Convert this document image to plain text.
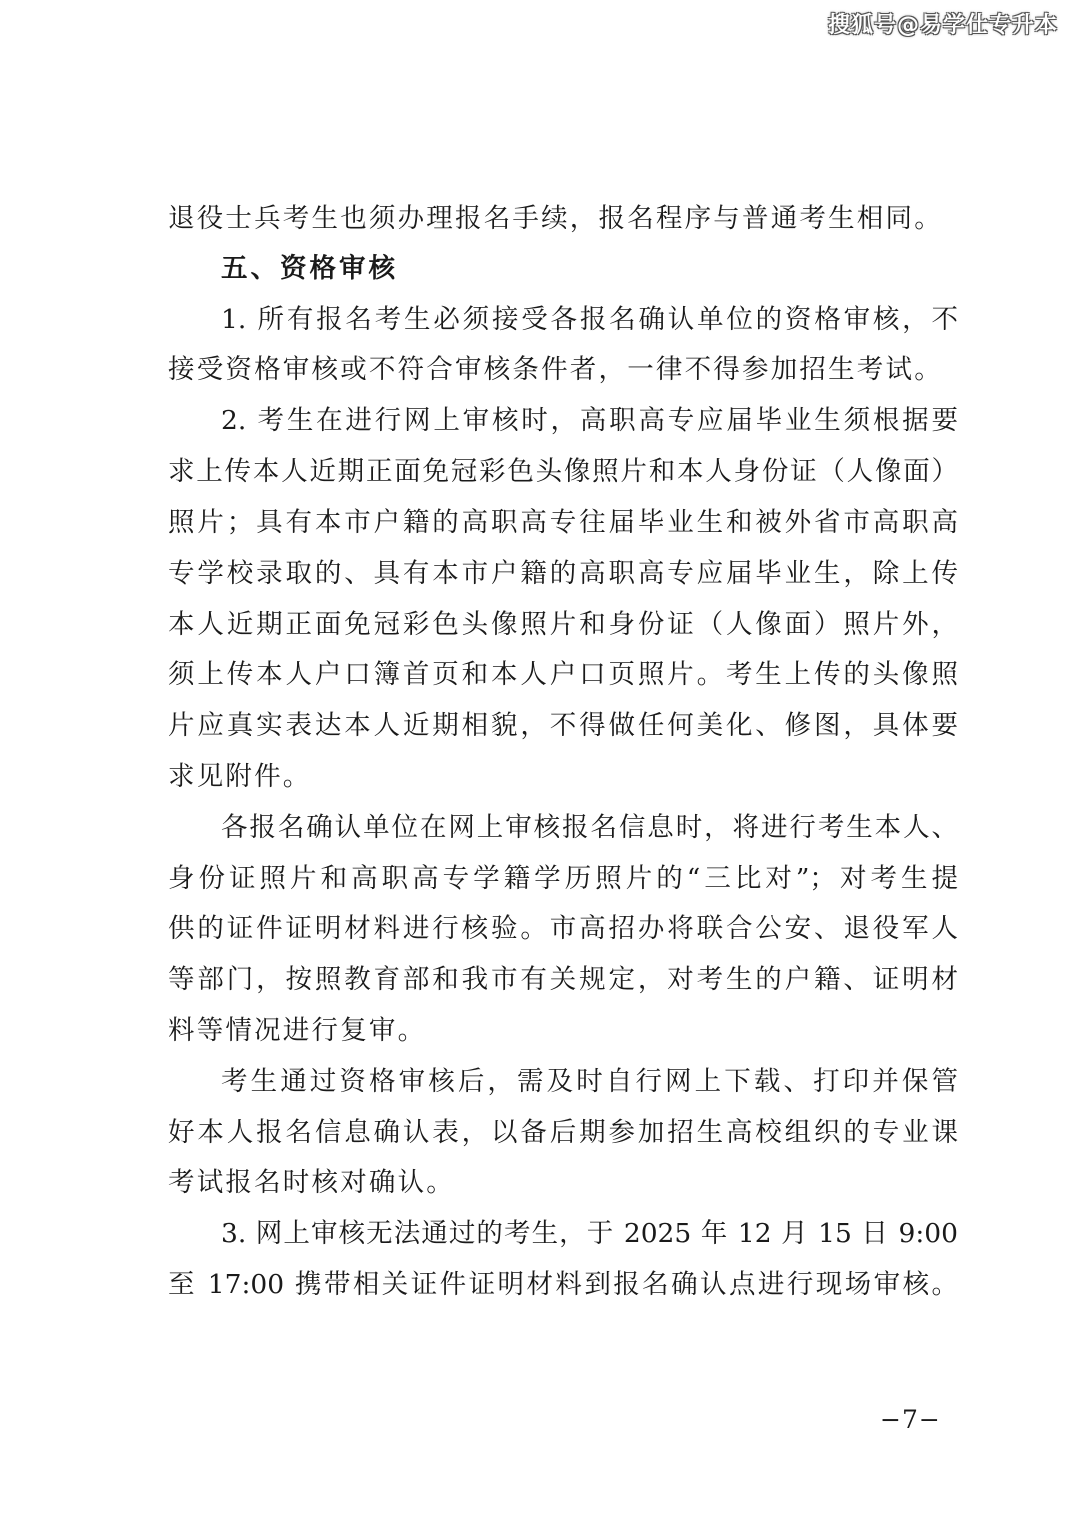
搜狐号@易学仕专升本
退役士兵考生也须办理报名手续，报名程序与普通考生相同。
五、资格审核
1. 所有报名考生必须接受各报名确认单位的资格审核，不
接受资格审核或不符合审核条件者，一律不得参加招生考试。
2. 考生在进行网上审核时，高职高专应届毕业生须根据要
求上传本人近期正面免冠彩色头像照片和本人身份证（人像面）
照片；具有本市户籍的高职高专往届毕业生和被外省市高职高
专学校录取的、具有本市户籍的高职高专应届毕业生，除上传
本人近期正面免冠彩色头像照片和身份证（人像面）照片外，
须上传本人户口簿首页和本人户口页照片。考生上传的头像照
片应真实表达本人近期相貌，不得做任何美化、修图，具体要
求见附件。
各报名确认单位在网上审核报名信息时，将进行考生本人、
身份证照片和高职高专学籍学历照片的“三比对”；对考生提
供的证件证明材料进行核验。市高招办将联合公安、退役军人
等部门，按照教育部和我市有关规定，对考生的户籍、证明材
料等情况进行复审。
考生通过资格审核后，需及时自行网上下载、打印并保管
好本人报名信息确认表，以备后期参加招生高校组织的专业课
考试报名时核对确认。
3. 网上审核无法通过的考生，于 2025 年 12 月 15 日 9:00
至 17:00 携带相关证件证明材料到报名确认点进行现场审核。
−7−
